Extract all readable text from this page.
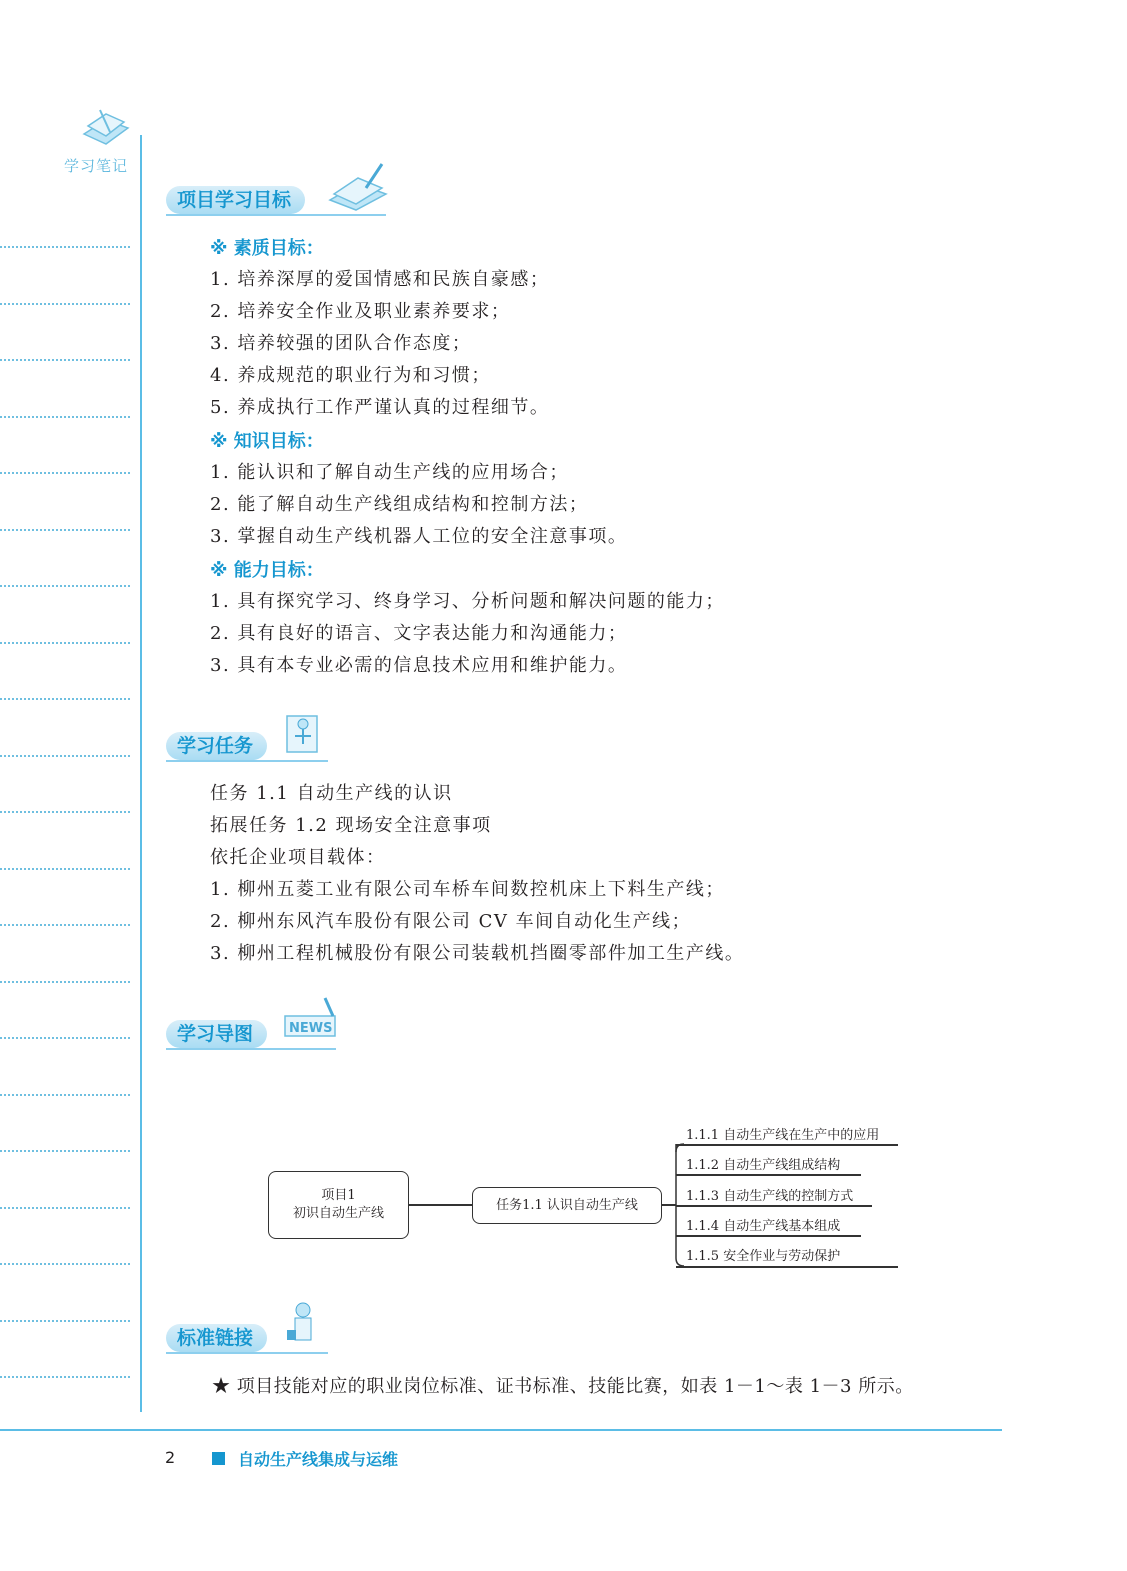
学习笔记
项目学习目标
※ 素质目标：
1. 培养深厚的爱国情感和民族自豪感；
2. 培养安全作业及职业素养要求；
3. 培养较强的团队合作态度；
4. 养成规范的职业行为和习惯；
5. 养成执行工作严谨认真的过程细节。
※ 知识目标：
1. 能认识和了解自动生产线的应用场合；
2. 能了解自动生产线组成结构和控制方法；
3. 掌握自动生产线机器人工位的安全注意事项。
※ 能力目标：
1. 具有探究学习、终身学习、分析问题和解决问题的能力；
2. 具有良好的语言、文字表达能力和沟通能力；
3. 具有本专业必需的信息技术应用和维护能力。
学习任务
任务 1.1 自动生产线的认识
拓展任务 1.2 现场安全注意事项
依托企业项目载体：
1. 柳州五菱工业有限公司车桥车间数控机床上下料生产线；
2. 柳州东风汽车股份有限公司 CV 车间自动化生产线；
3. 柳州工程机械股份有限公司装载机挡圈零部件加工生产线。
学习导图	NEWS
项目1
初识自动生产线
任务1.1 认识自动生产线
1.1.1 自动生产线在生产中的应用
1.1.2 自动生产线组成结构
1.1.3 自动生产线的控制方式
1.1.4 自动生产线基本组成
1.1.5 安全作业与劳动保护
标准链接
★ 项目技能对应的职业岗位标准、证书标准、技能比赛，如表 1－1～表 1－3 所示。
2	自动生产线集成与运维
